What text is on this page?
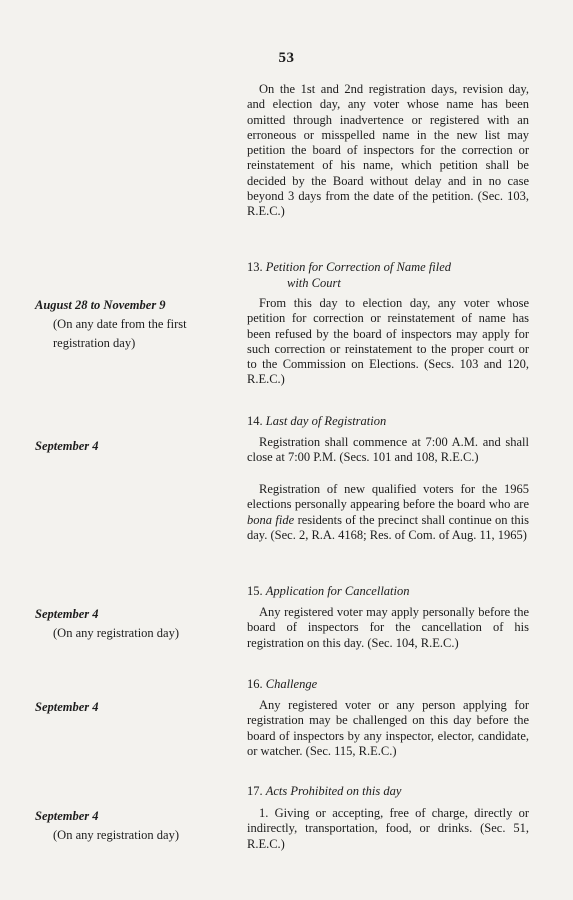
53

On the 1st and 2nd registration days, revision day, and election day, any voter whose name has been omitted through inadvertence or registered with an erroneous or misspelled name in the new list may petition the board of inspectors for the correction or reinstatement of his name, which petition shall be decided by the Board without delay and in no case beyond 3 days from the date of the petition. (Sec. 103, R.E.C.)

13. Petition for Correction of Name filed
with Court
August 28 to November 9
(On any date from the first registration day)

From this day to election day, any voter whose petition for correction or reinstatement of name has been refused by the board of inspectors may apply for such correction or reinstatement to the proper court or to the Commission on Elections. (Secs. 103 and 120, R.E.C.)

14. Last day of Registration
September 4	Registration shall commence at 7:00 A.M. and shall close at 7:00 P.M. (Secs. 101 and 108, R.E.C.)

Registration of new qualified voters for the 1965 elections personally appearing before the board who are bona fide residents of the precinct shall continue on this day. (Sec. 2, R.A. 4168; Res. of Com. of Aug. 11, 1965)

15. Application for Cancellation
September 4
(On any registration day)

Any registered voter may apply personally before the board of inspectors for the cancellation of his registration on this day. (Sec. 104, R.E.C.)

16. Challenge
September 4	Any registered voter or any person applying for registration may be challenged on this day before the board of inspectors by any inspector, elector, candidate, or watcher. (Sec. 115, R.E.C.)

17. Acts Prohibited on this day
September 4
(On any registration day)

1. Giving or accepting, free of charge, directly or indirectly, transportation, food, or drinks. (Sec. 51, R.E.C.)
